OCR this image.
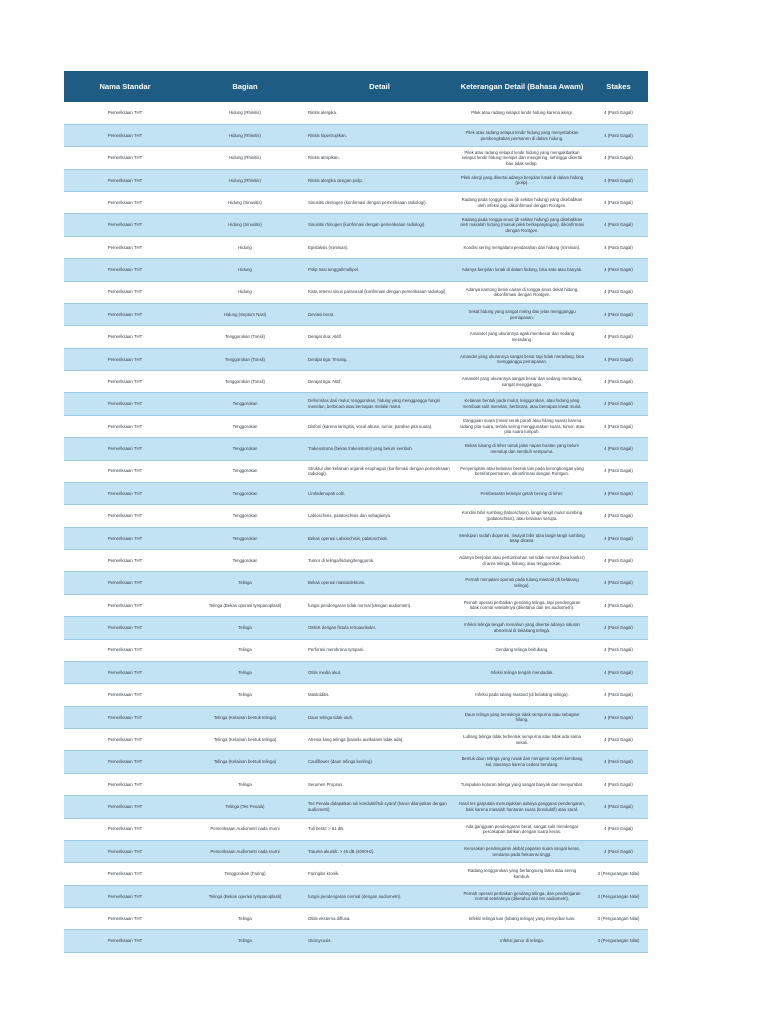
Nama Standar	Bagian	Detail	Keterangan Detail (Bahasa Awam)	Stakes
Pemeriksaan THT	Hidung (Rhinitis)	Rinitis alergika.	Pilek atau radang selaput lendir hidung karena alergi.	4 (Pasti Gagal)
Pemeriksaan THT	Hidung (Rhinitis)	Rinitis hipertropikan.	Pilek atau radang selaput lendir hidung yang menyebabkan pembengkakan permanen di dalam hidung.	4 (Pasti Gagal)
Pemeriksaan THT	Hidung (Rhinitis)	Rinitis atropikan.	Pilek atau radang selaput lendir hidung yang mengakibatkan selaput lendir hidung menipis dan mengering, sehingga disertai bau tidak sedap.	4 (Pasti Gagal)
Pemeriksaan THT	Hidung (Rhinitis)	Rinitis alergika dengan polip.	Pilek alergi yang disertai adanya benjolan lunak di dalam hidung (polip).	4 (Pasti Gagal)
Pemeriksaan THT	Hidung (Sinusitis)	Sinusitis dentogen (konfirmasi dengan pemeriksaan radiologi).	Radang pada rongga sinus (di sekitar hidung) yang disebabkan oleh infeksi gigi, dikonfirmasi dengan Rontgen.	4 (Pasti Gagal)
Pemeriksaan THT	Hidung (Sinusitis)	Sinusitis rhinogen (konfirmasi dengan pemeriksaan radiologi).	Radang pada rongga sinus (di sekitar hidung) yang disebabkan oleh masalah hidung (masuk pilek berkepanjangan), dikonfirmasi dengan Rontgen.	4 (Pasti Gagal)
Pemeriksaan THT	Hidung	Epistaksis (mimisan).	Kondisi sering mengalami pendarahan dari hidung (mimisan).	4 (Pasti Gagal)
Pemeriksaan THT	Hidung	Polip nasi tunggal/multipel.	Adanya benjolan lunak di dalam hidung, bisa satu atau banyak.	4 (Pasti Gagal)
Pemeriksaan THT	Hidung	Kista retensi sinus paranasal (konfirmasi dengan pemeriksaan radiologi).	Adanya kantong berisi cairan di rongga sinus dekat hidung, dikonfirmasi dengan Rontgen.	4 (Pasti Gagal)
Pemeriksaan THT	Hidung (Septum Nasi)	Deviasi berat.	Sekat hidung yang sangat miring dan jelas mengganggu pernapasan.	4 (Pasti Gagal)
Pemeriksaan THT	Tenggorokan (Tonsil)	Derajat dua: Aktif.	Amandel yang ukurannya agak membesar dan sedang meradang.	4 (Pasti Gagal)
Pemeriksaan THT	Tenggorokan (Tonsil)	Derajat tiga: Tenang.	Amandel yang ukurannya sangat besar tapi tidak meradang, bisa mengganggu pernapasan.	4 (Pasti Gagal)
Pemeriksaan THT	Tenggorokan (Tonsil)	Derajat tiga: Aktif.	Amandel yang ukurannya sangat besar dan sedang meradang, sangat mengganggu.	4 (Pasti Gagal)
Pemeriksaan THT	Tenggorokan	Deformitas dari mulut, tenggorokan, hidung yang mengganggu fungsi menelan, berbicara atau bernapas melalui mulut.	Kelainan bentuk pada mulut, tenggorokan, atau hidung yang membuat sulit menelan, berbicara, atau bernapas lewat mulut.	4 (Pasti Gagal)
Pemeriksaan THT	Tenggorokan	Disfoni (karena laringitis, vocal abuse, tumor, paralise pita suara).	Gangguan suara (misal serak parah atau hilang suara) karena radang pita suara, terlalu sering menggunakan suara, tumor, atau pita suara lumpuh.	4 (Pasti Gagal)
Pemeriksaan THT	Tenggorokan	Trakeostoma (bekas trakeostomi) yang belum sembuh.	Bekas lubang di leher untuk jalan napas buatan yang belum menutup dan sembuh sempurna.	4 (Pasti Gagal)
Pemeriksaan THT	Tenggorokan	Struktur dan kelainan organik esophagus (konfirmasi dengan pemeriksaan radiologi).	Penyempitan atau kelainan bentuk lain pada kerongkongan yang bersifat permanen, dikonfirmasi dengan Rontgen.	4 (Pasti Gagal)
Pemeriksaan THT	Tenggorokan	Limfadenopati colli.	Pembesaran kelenjar getah bening di leher.	4 (Pasti Gagal)
Pemeriksaan THT	Tenggorokan	Labioschisis, palatoschisis dan sebagainya.	Kondisi bibir sumbing (labioschisis), langit-langit mulut sumbing (palatoschisis), atau kelainan serupa.	4 (Pasti Gagal)
Pemeriksaan THT	Tenggorokan	Bekas operasi Labioschisis, palatoschisis.	Meskipun sudah dioperasi, riwayat bibir atau langit-langit sumbing tetap dicatat.	4 (Pasti Gagal)
Pemeriksaan THT	Tenggorokan	Tumor di telinga/hidung/tenggorok.	Adanya benjolan atau pertumbuhan sel tidak normal (bisa kanker) di area telinga, hidung, atau tenggorokan.	4 (Pasti Gagal)
Pemeriksaan THT	Telinga	Bekas operasi mastoidektomi.	Pernah menjalani operasi pada tulang mastoid (di belakang telinga).	4 (Pasti Gagal)
Pemeriksaan THT	Telinga (Bekas operasi tympanoplasti)	fungsi pendengaran tidak normal (dengan audiometri).	Pernah operasi perbaikan gendang telinga, tapi pendengaran tidak normal setelahnya (diketahui dari tes audiometri).	4 (Pasti Gagal)
Pemeriksaan THT	Telinga	OMSK dengan fistula retroaurikuler.	Infeksi telinga tengah menahun yang disertai adanya saluran abnormal di belakang telinga.	4 (Pasti Gagal)
Pemeriksaan THT	Telinga	Perforasi membrana tympani.	Gendang telinga berlubang.	4 (Pasti Gagal)
Pemeriksaan THT	Telinga	Otitis media akut.	Infeksi telinga tengah mendadak.	4 (Pasti Gagal)
Pemeriksaan THT	Telinga	Mastoiditis.	Infeksi pada tulang mastoid (di belakang telinga).	4 (Pasti Gagal)
Pemeriksaan THT	Telinga (Kelainan bentuk telinga)	Daun telinga tidak utuh.	Daun telinga yang bentuknya tidak sempurna atau sebagian hilang.	4 (Pasti Gagal)
Pemeriksaan THT	Telinga (Kelainan bentuk telinga)	Atresia liang telinga (kanalis aurikularis tidak ada).	Lubang telinga tidak terbentuk sempurna atau tidak ada sama sekali.	4 (Pasti Gagal)
Pemeriksaan THT	Telinga (Kelainan bentuk telinga)	Cauliflower (daun telinga keriting).	Bentuk daun telinga yang rusak dan mengerut seperti kembang kol, biasanya karena cedera berulang.	4 (Pasti Gagal)
Pemeriksaan THT	Telinga	Serumen Propsus.	Tumpukan kotoran telinga yang sangat banyak dan menyumbat.	4 (Pasti Gagal)
Pemeriksaan THT	Telinga (Tes Penala)	Tes Penala didapatkan tuli konduktif/tuli syaraf (harus dilanjutkan dengan audiometri).	Hasil tes garputala menunjukkan adanya gangguan pendengaran, baik karena masalah hantaran suara (konduktif) atau saraf.	4 (Pasti Gagal)
Pemeriksaan THT	Pemeriksaan Audiometri nada murni	Tuli berat: > 61 dB.	Ada gangguan pendengaran berat, sangat sulit mendengar percakapan bahkan dengan suara keras.	4 (Pasti Gagal)
Pemeriksaan THT	Pemeriksaan Audiometri nada murni	Trauma akustik: > 45 dB (4000Hz).	Kerusakan pendengaran akibat paparan suara sangat keras, terutama pada frekuensi tinggi.	4 (Pasti Gagal)
Pemeriksaan THT	Tenggorokan (Faring)	Faringitis kronik.	Radang tenggorokan yang berlangsung lama atau sering kambuh.	3 (Pengurangan Nilai)
Pemeriksaan THT	Telinga (Bekas operasi tympanoplasti)	fungsi pendengaran normal (dengan audiometri).	Pernah operasi perbaikan gendang telinga, dan pendengaran normal setelahnya (diketahui dari tes audiometri).	3 (Pengurangan Nilai)
Pemeriksaan THT	Telinga	Otitis eksterna diffusa.	Infeksi telinga luar (lubang telinga) yang menyebar luas.	3 (Pengurangan Nilai)
Pemeriksaan THT	Telinga	Otomycosis.	Infeksi jamur di telinga.	3 (Pengurangan Nilai)
